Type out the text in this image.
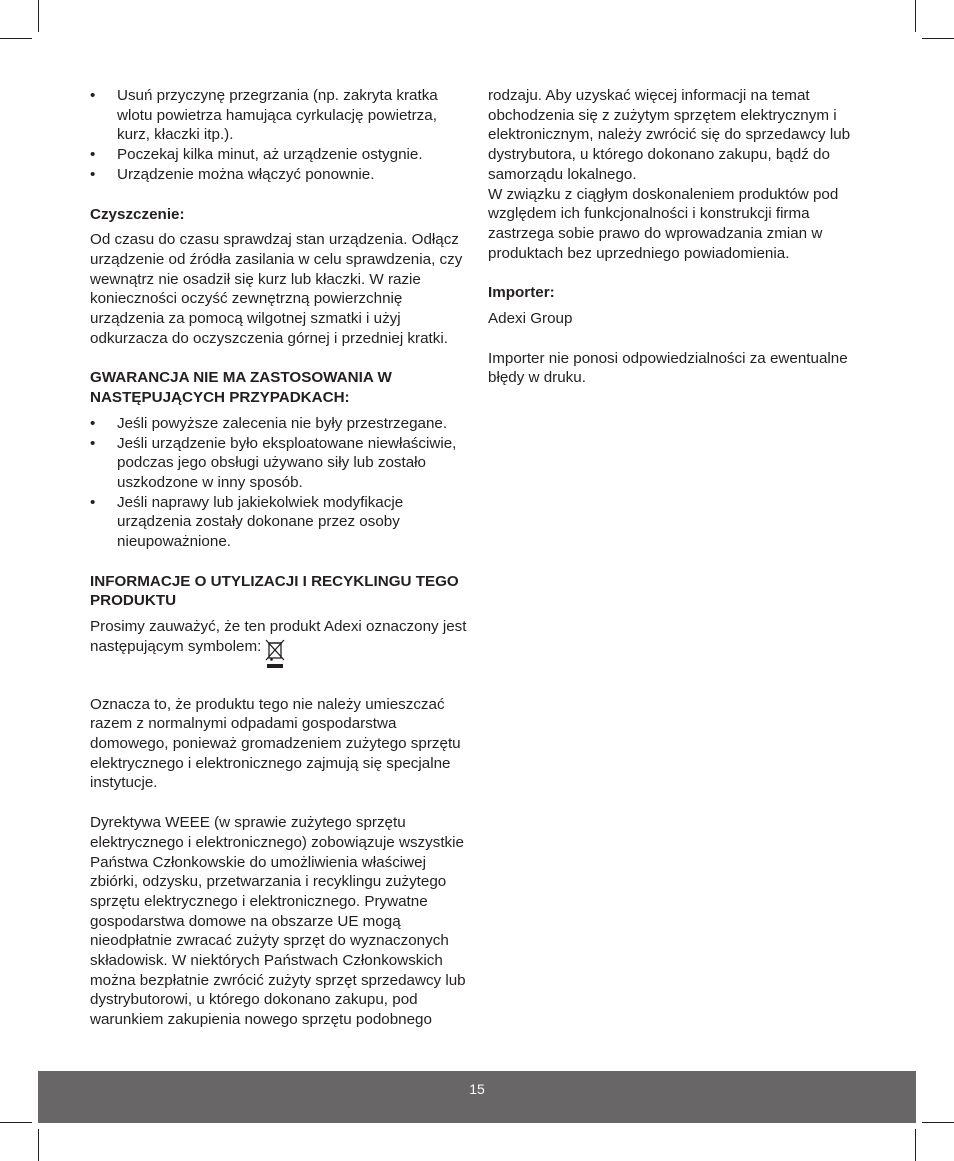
• Usuń przyczynę przegrzania (np. zakryta kratka wlotu powietrza hamująca cyrkulację powietrza, kurz, kłaczki itp.).
• Poczekaj kilka minut, aż urządzenie ostygnie.
• Urządzenie można włączyć ponownie.
Czyszczenie:

Od czasu do czasu sprawdzaj stan urządzenia. Odłącz urządzenie od źródła zasilania w celu sprawdzenia, czy wewnątrz nie osadził się kurz lub kłaczki. W razie konieczności oczyść zewnętrzną powierzchnię urządzenia za pomocą wilgotnej szmatki i użyj odkurzacza do oczyszczenia górnej i przedniej kratki.

GWARANCJA NIE MA ZASTOSOWANIA W NASTĘPUJĄCYCH PRZYPADKACH:
• Jeśli powyższe zalecenia nie były przestrzegane.
• Jeśli urządzenie było eksploatowane niewłaściwie, podczas jego obsługi używano siły lub zostało uszkodzone w inny sposób.
• Jeśli naprawy lub jakiekolwiek modyfikacje urządzenia zostały dokonane przez osoby nieupoważnione.
INFORMACJE O UTYLIZACJI I RECYKLINGU TEGO PRODUKTU

Prosimy zauważyć, że ten produkt Adexi oznaczony jest następującym symbolem:

Oznacza to, że produktu tego nie należy umieszczać razem z normalnymi odpadami gospodarstwa domowego, ponieważ gromadzeniem zużytego sprzętu elektrycznego i elektronicznego zajmują się specjalne instytucje.

Dyrektywa WEEE (w sprawie zużytego sprzętu elektrycznego i elektronicznego) zobowiązuje wszystkie Państwa Członkowskie do umożliwienia właściwej zbiórki, odzysku, przetwarzania i recyklingu zużytego sprzętu elektrycznego i elektronicznego. Prywatne gospodarstwa domowe na obszarze UE mogą nieodpłatnie zwracać zużyty sprzęt do wyznaczonych składowisk. W niektórych Państwach Członkowskich można bezpłatnie zwrócić zużyty sprzęt sprzedawcy lub dystrybutorowi, u którego dokonano zakupu, pod warunkiem zakupienia nowego sprzętu podobnego

rodzaju. Aby uzyskać więcej informacji na temat obchodzenia się z zużytym sprzętem elektrycznym i elektronicznym, należy zwrócić się do sprzedawcy lub dystrybutora, u którego dokonano zakupu, bądź do samorządu lokalnego.

W związku z ciągłym doskonaleniem produktów pod względem ich funkcjonalności i konstrukcji firma zastrzega sobie prawo do wprowadzania zmian w produktach bez uprzedniego powiadomienia.

Importer:

Adexi Group

Importer nie ponosi odpowiedzialności za ewentualne błędy w druku.

15
